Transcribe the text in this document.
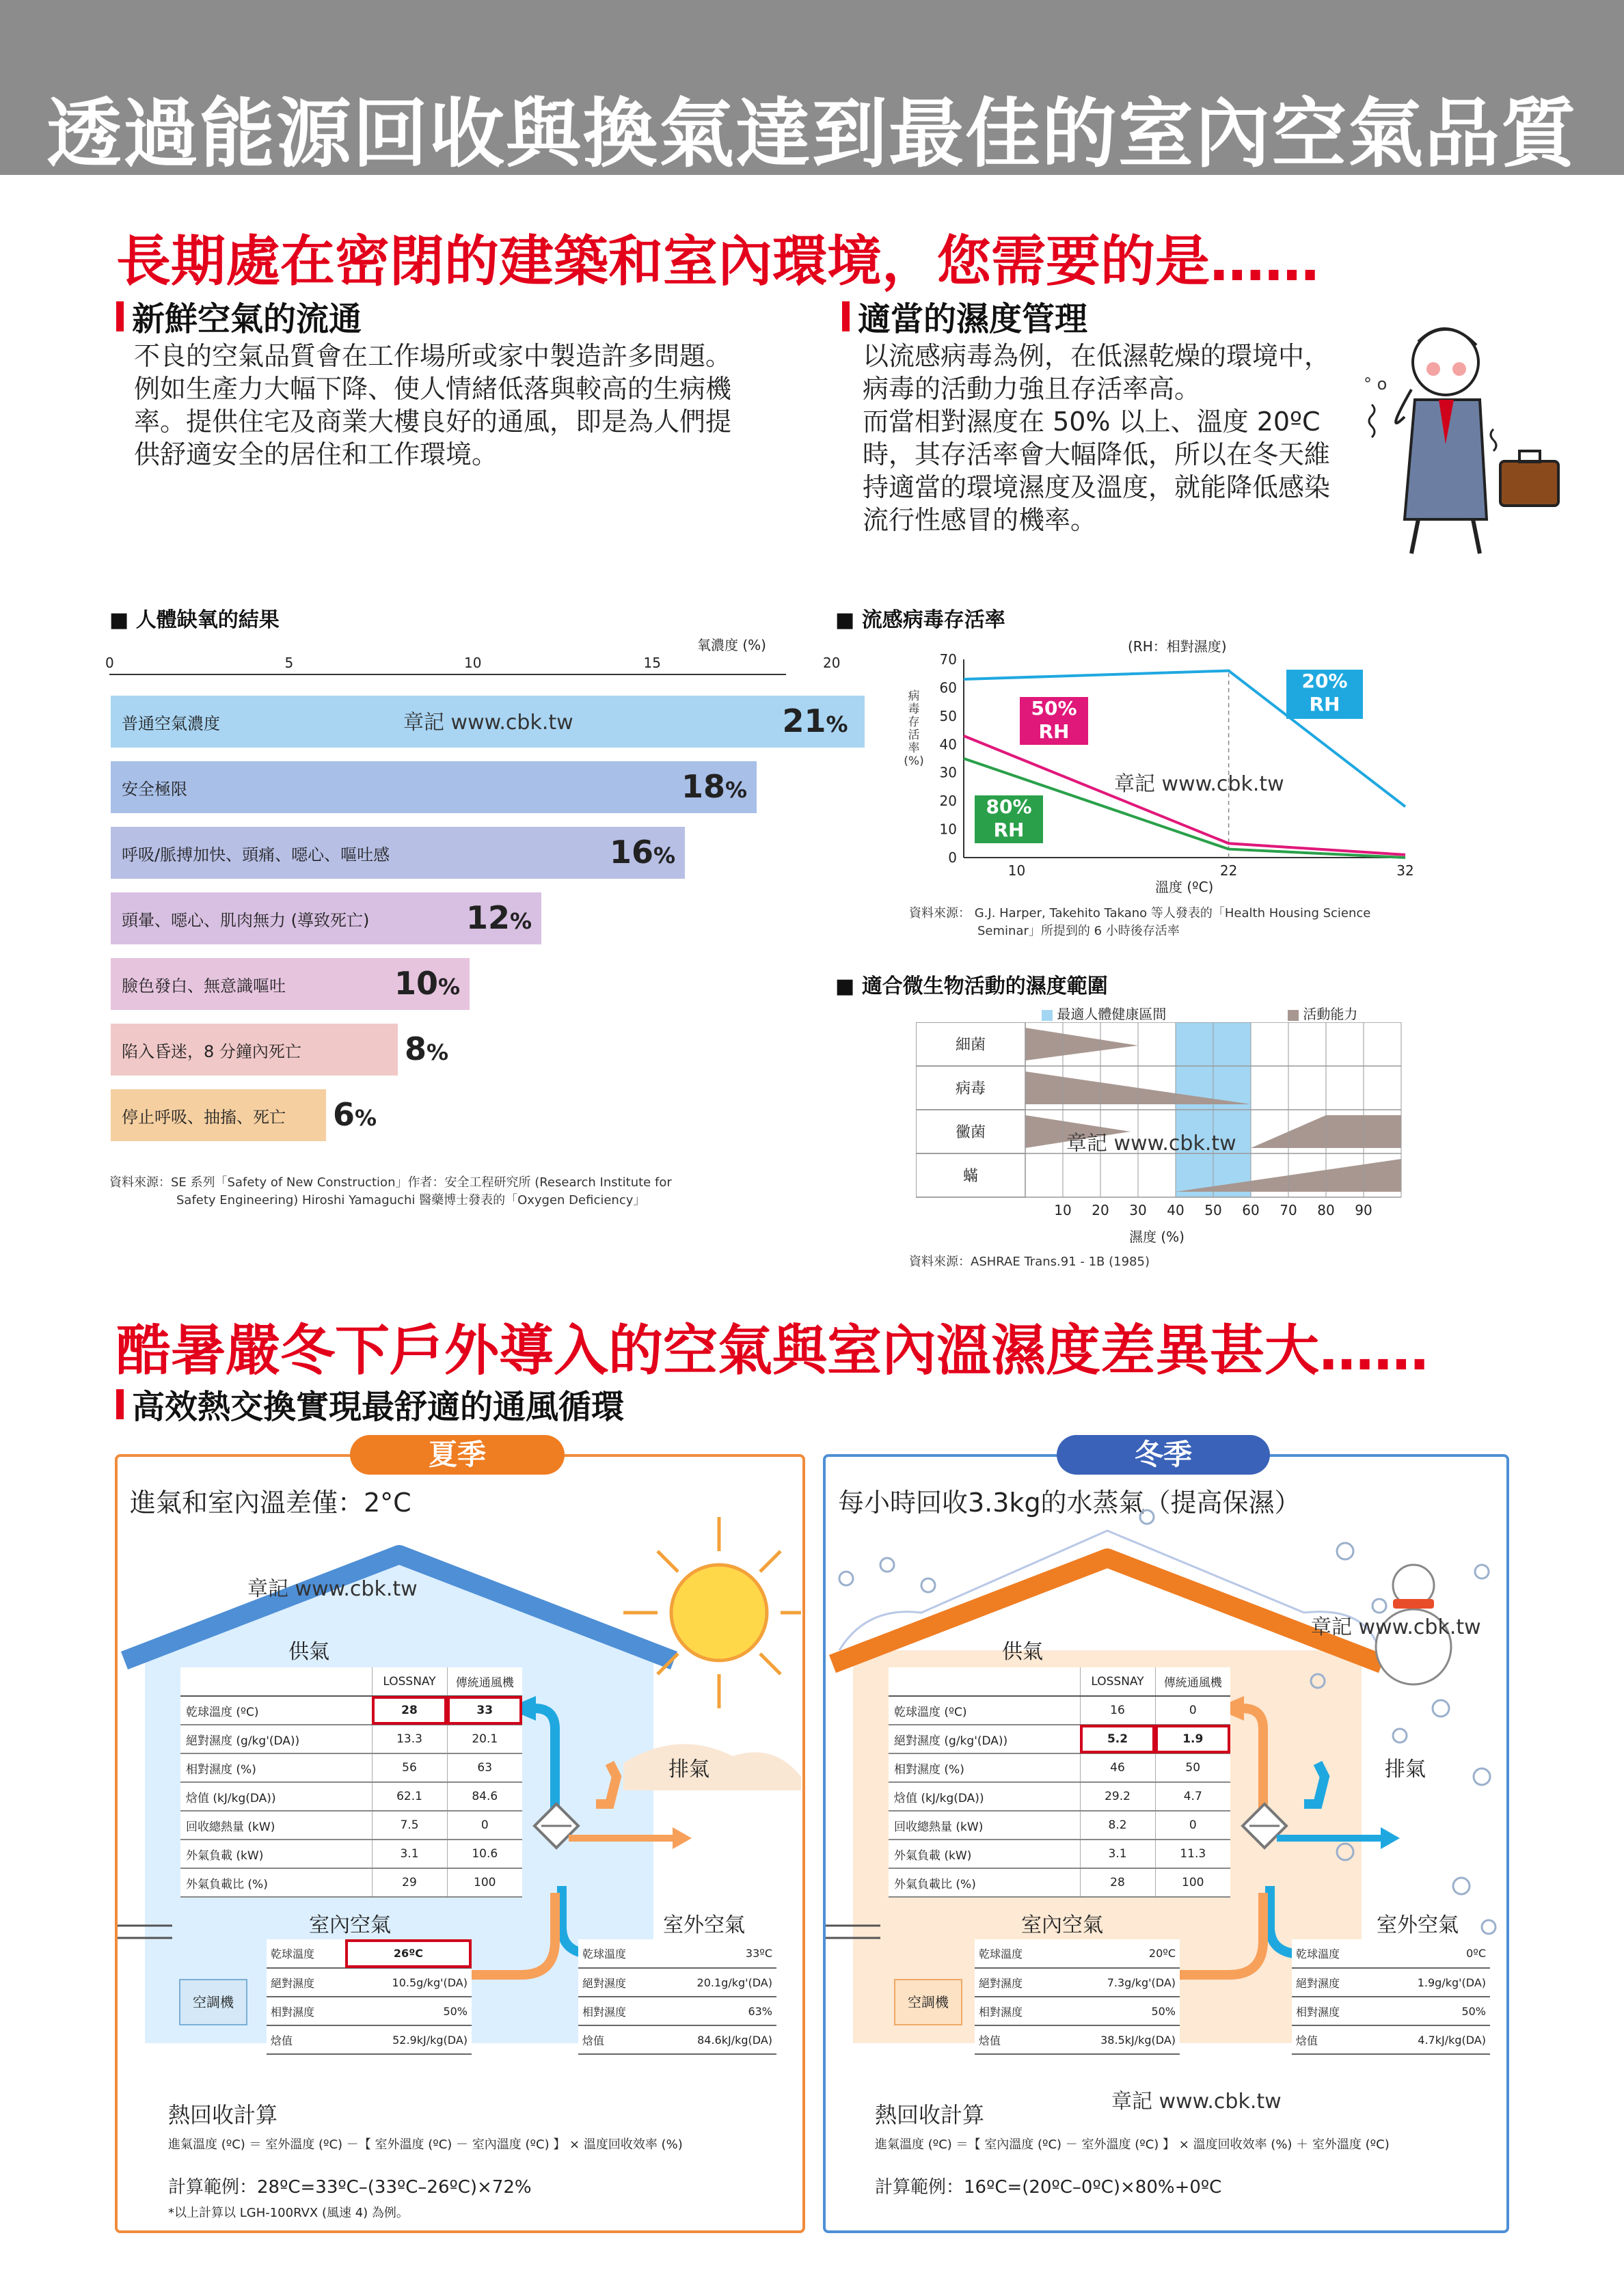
透過能源回收與換氣達到最佳的室內空氣品質
長期處在密閉的建築和室內環境，您需要的是……
新鮮空氣的流通
不良的空氣品質會在工作場所或家中製造許多問題。
例如生產力大幅下降、使人情緒低落與較高的生病機
率。提供住宅及商業大樓良好的通風，即是為人們提
供舒適安全的居住和工作環境。
適當的濕度管理
以流感病毒為例，在低濕乾燥的環境中，
病毒的活動力強且存活率高。
而當相對濕度在 50% 以上、溫度 20ºC
時，其存活率會大幅降低，所以在冬天維
持適當的環境濕度及溫度，就能降低感染
流行性感冒的機率。
° o
■ 人體缺氧的結果
氧濃度 (%)
0	5	10	15	20
普通空氣濃度	21%
安全極限	18%
呼吸/脈搏加快、頭痛、噁心、嘔吐感	16%
頭暈、噁心、肌肉無力 (導致死亡)	12%
臉色發白、無意識嘔吐	10%
陷入昏迷，8 分鐘內死亡	8%
停止呼吸、抽搐、死亡 6%
章記 www.cbk.tw
資料來源：SE 系列「Safety of New Construction」作者：安全工程研究所 (Research Institute for
Safety Engineering) Hiroshi Yamaguchi 醫藥博士發表的「Oxygen Deficiency」
■ 流感病毒存活率
(RH：相對濕度)
0
10
20
30
40
50
60
70
10	22	32
病毒存活率 (%)
溫度 (ºC)
20%
RH
50%
RH
80%
RH
章記 www.cbk.tw
資料來源： G.J. Harper, Takehito Takano 等人發表的「Health Housing Science
Seminar」所提到的 6 小時後存活率
■ 適合微生物活動的濕度範圍
最適人體健康區間	活動能力
細菌
病毒
黴菌
蟎
10 20 30 40 50 60 70 80 90
濕度 (%)
章記 www.cbk.tw
資料來源：ASHRAE Trans.91 - 1B (1985)
酷暑嚴冬下戶外導入的空氣與室內溫濕度差異甚大……
高效熱交換實現最舒適的通風循環
夏季
進氣和室內溫差僅：2°C
章記 www.cbk.tw
供氣
排氣
	LOSSNAY	傳統通風機
乾球溫度 (ºC)	28	33
絕對濕度 (g/kg'(DA))	13.3	20.1
相對濕度 (%)	56	63
焓值 (kJ/kg(DA))	62.1	84.6
回收總熱量 (kW)	7.5	0
外氣負載 (kW)	3.1	10.6
外氣負載比 (%)	29	100
室內空氣	室外空氣
空調機
乾球溫度	26ºC
絕對濕度	10.5g/kg'(DA)
相對濕度	50%
焓值	52.9kJ/kg(DA)
乾球溫度	33ºC
絕對濕度	20.1g/kg'(DA)
相對濕度	63%
焓值	84.6kJ/kg(DA)
熱回收計算
進氣溫度 (ºC) ＝ 室外溫度 (ºC) －【 室外溫度 (ºC) － 室內溫度 (ºC) 】 × 溫度回收效率 (%)
計算範例：28ºC=33ºC–(33ºC–26ºC)×72%
*以上計算以 LGH-100RVX (風速 4) 為例。
冬季
每小時回收3.3kg的水蒸氣（提高保濕）
章記 www.cbk.tw
供氣
排氣
	LOSSNAY	傳統通風機
乾球溫度 (ºC)	16	0
絕對濕度 (g/kg'(DA))	5.2	1.9
相對濕度 (%)	46	50
焓值 (kJ/kg(DA))	29.2	4.7
回收總熱量 (kW)	8.2	0
外氣負載 (kW)	3.1	11.3
外氣負載比 (%)	28	100
室內空氣	室外空氣
空調機
乾球溫度	20ºC
絕對濕度	7.3g/kg'(DA)
相對濕度	50%
焓值	38.5kJ/kg(DA)
乾球溫度	0ºC
絕對濕度	1.9g/kg'(DA)
相對濕度	50%
焓值	4.7kJ/kg(DA)
章記 www.cbk.tw
熱回收計算
進氣溫度 (ºC) ＝【 室內溫度 (ºC) － 室外溫度 (ºC) 】 × 溫度回收效率 (%) ＋ 室外溫度 (ºC)
計算範例：16ºC=(20ºC–0ºC)×80%+0ºC
